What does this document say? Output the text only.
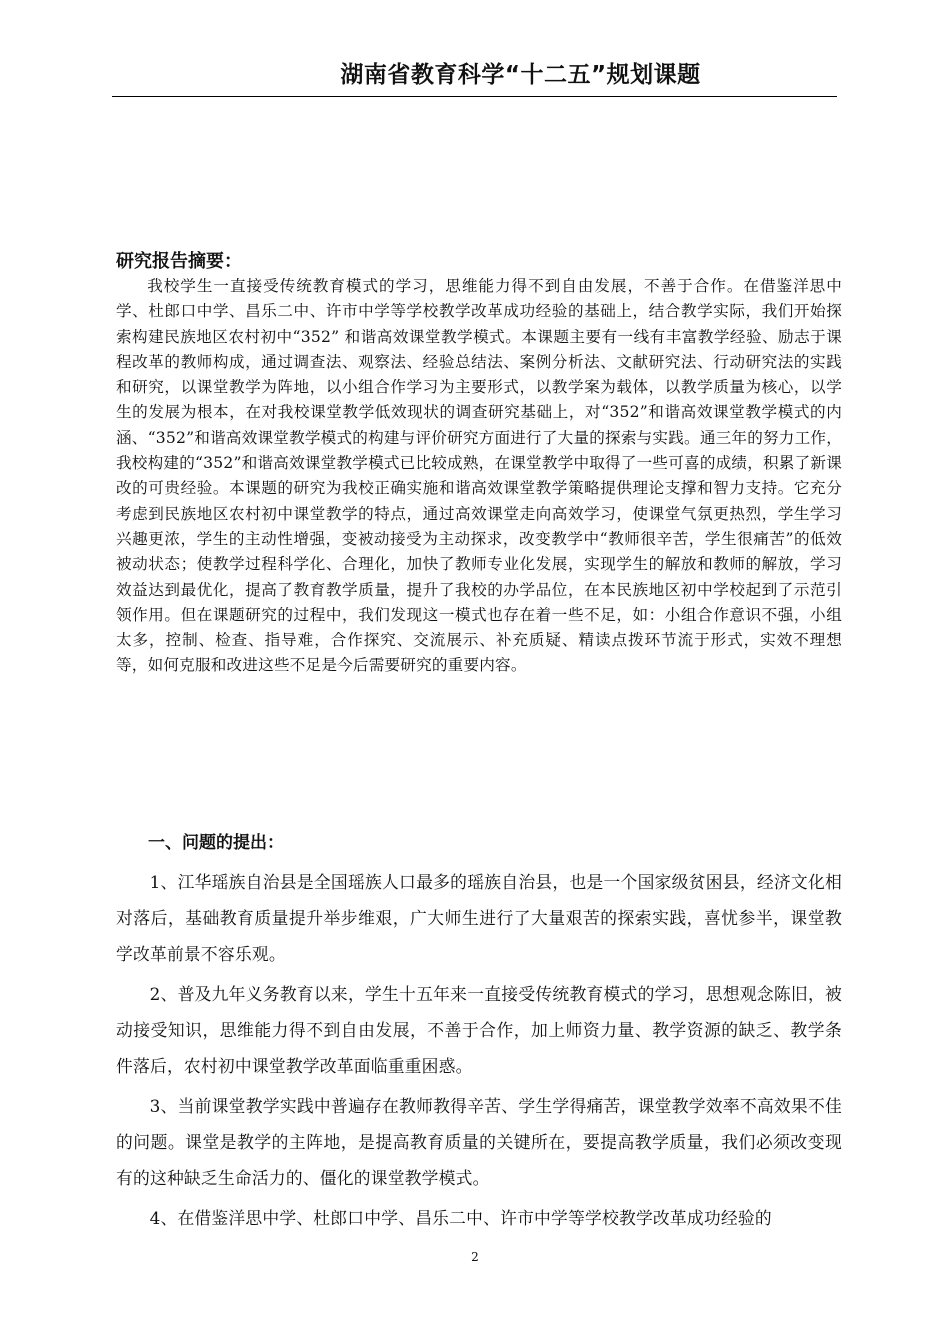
湖南省教育科学“十二五”规划课题

研究报告摘要：

我校学生一直接受传统教育模式的学习，思维能力得不到自由发展，不善于合作。在借鉴洋思中学、杜郎口中学、昌乐二中、许市中学等学校教学改革成功经验的基础上，结合教学实际，我们开始探索构建民族地区农村初中“352” 和谐高效课堂教学模式。本课题主要有一线有丰富教学经验、励志于课程改革的教师构成，通过调查法、观察法、经验总结法、案例分析法、文献研究法、行动研究法的实践和研究，以课堂教学为阵地，以小组合作学习为主要形式，以教学案为载体，以教学质量为核心，以学生的发展为根本，在对我校课堂教学低效现状的调查研究基础上，对“352”和谐高效课堂教学模式的内涵、“352”和谐高效课堂教学模式的构建与评价研究方面进行了大量的探索与实践。通三年的努力工作，我校构建的“352”和谐高效课堂教学模式已比较成熟，在课堂教学中取得了一些可喜的成绩，积累了新课改的可贵经验。本课题的研究为我校正确实施和谐高效课堂教学策略提供理论支撑和智力支持。它充分考虑到民族地区农村初中课堂教学的特点，通过高效课堂走向高效学习，使课堂气氛更热烈，学生学习兴趣更浓，学生的主动性增强，变被动接受为主动探求，改变教学中“教师很辛苦，学生很痛苦”的低效被动状态；使教学过程科学化、合理化，加快了教师专业化发展，实现学生的解放和教师的解放，学习效益达到最优化，提高了教育教学质量，提升了我校的办学品位，在本民族地区初中学校起到了示范引领作用。但在课题研究的过程中，我们发现这一模式也存在着一些不足，如：小组合作意识不强，小组太多，控制、检查、指导难，合作探究、交流展示、补充质疑、精读点拨环节流于形式，实效不理想等，如何克服和改进这些不足是今后需要研究的重要内容。

一、问题的提出：

1、江华瑶族自治县是全国瑶族人口最多的瑶族自治县，也是一个国家级贫困县，经济文化相对落后，基础教育质量提升举步维艰，广大师生进行了大量艰苦的探索实践，喜忧参半，课堂教学改革前景不容乐观。

2、普及九年义务教育以来，学生十五年来一直接受传统教育模式的学习，思想观念陈旧，被动接受知识，思维能力得不到自由发展，不善于合作，加上师资力量、教学资源的缺乏、教学条件落后，农村初中课堂教学改革面临重重困惑。

3、当前课堂教学实践中普遍存在教师教得辛苦、学生学得痛苦，课堂教学效率不高效果不佳的问题。课堂是教学的主阵地，是提高教育质量的关键所在，要提高教学质量，我们必须改变现有的这种缺乏生命活力的、僵化的课堂教学模式。

4、在借鉴洋思中学、杜郎口中学、昌乐二中、许市中学等学校教学改革成功经验的

2
